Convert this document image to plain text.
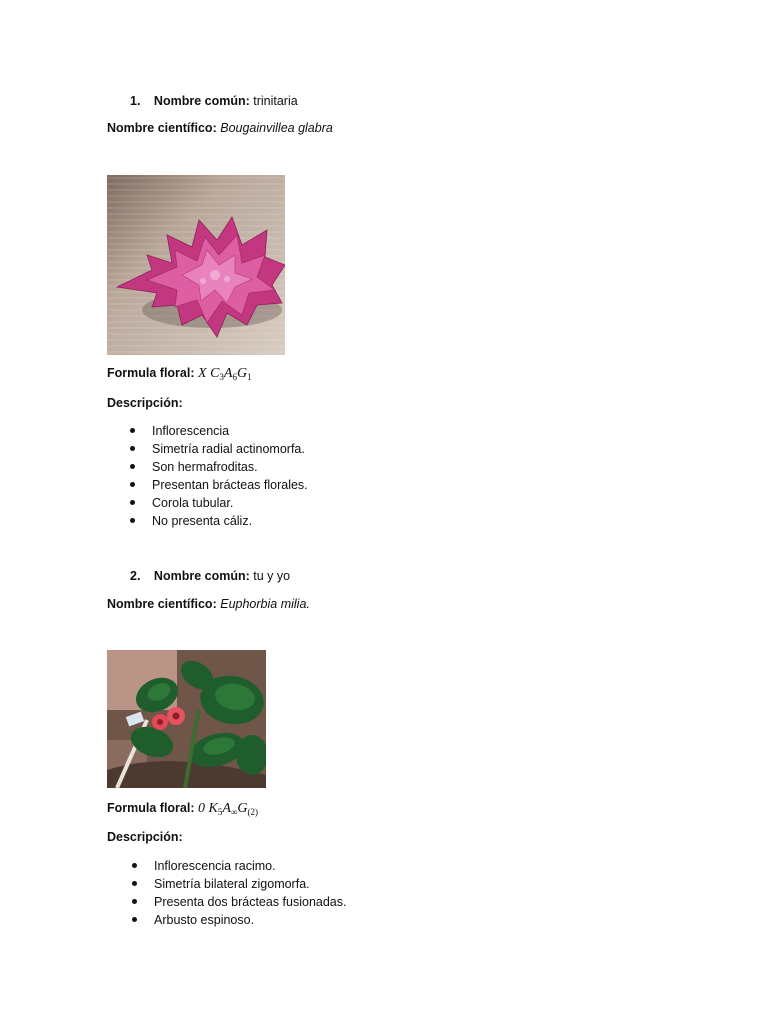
1. Nombre común: trinitaria
Nombre científico: Bougainvillea glabra
Formula floral: X $C_3A_6G_1$
Descripción:
Inflorescencia
Simetría radial actinomorfa.
Son hermafroditas.
Presentan brácteas florales.
Corola tubular.
No presenta cáliz.
2. Nombre común: tu y yo
Nombre científico: Euphorbia milia.
Formula floral: 0 $K_5A_\infty G_{(2)}$
Descripción:
Inflorescencia racimo.
Simetría bilateral zigomorfa.
Presenta dos brácteas fusionadas.
Arbusto espinoso.
